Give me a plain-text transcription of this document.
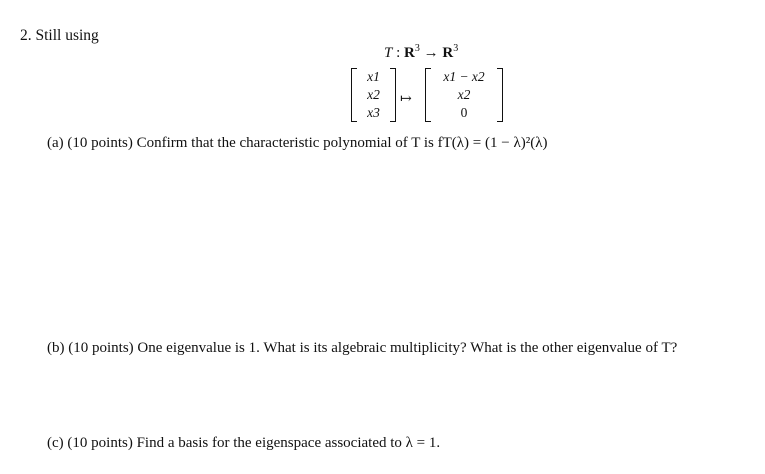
2. Still using
T : $R^3 \to R^3$
x1
x2
x3
↦
x1 − x2
x2
0
(a) (10 points) Confirm that the characteristic polynomial of T is fT(λ) = (1 − λ)²(λ)
(b) (10 points) One eigenvalue is 1. What is its algebraic multiplicity? What is the other eigenvalue of T?
(c) (10 points) Find a basis for the eigenspace associated to λ = 1.
